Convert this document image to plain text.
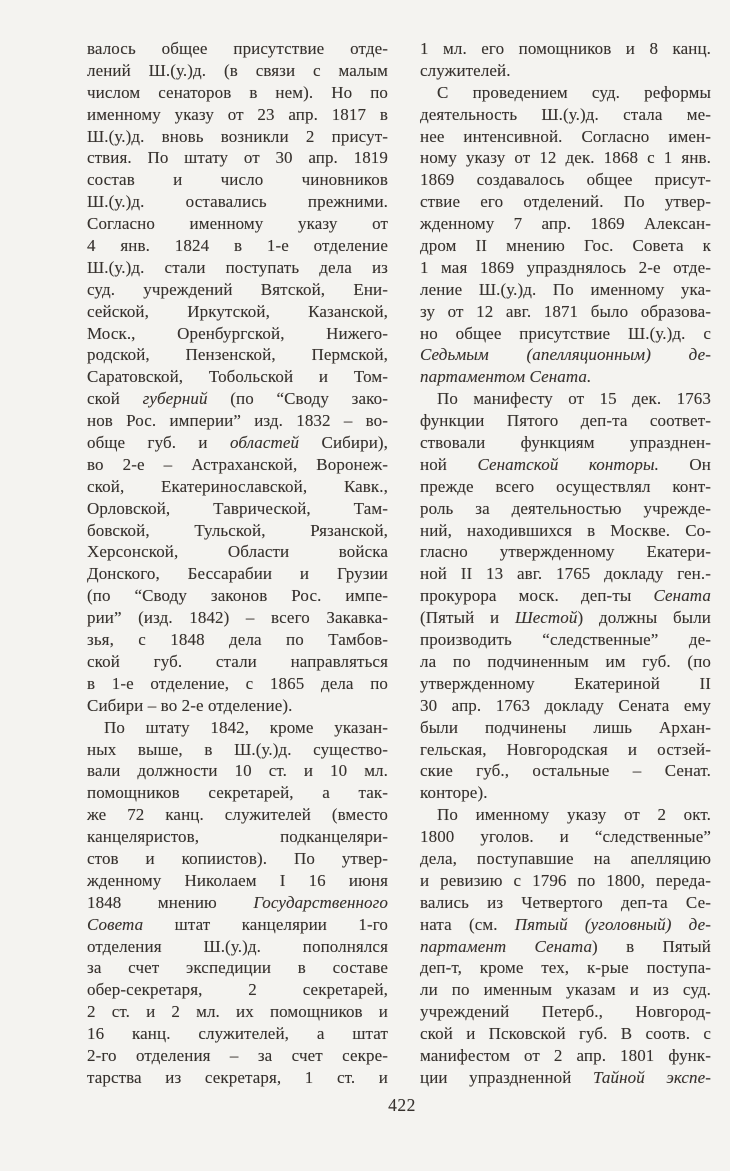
валось общее присутствие отде-
лений Ш.(у.)д. (в связи с малым
числом сенаторов в нем). Но по
именному указу от 23 апр. 1817 в
Ш.(у.)д. вновь возникли 2 присут-
ствия. По штату от 30 апр. 1819
состав и число чиновников
Ш.(у.)д. оставались прежними.
Согласно именному указу от
4 янв. 1824 в 1-е отделение
Ш.(у.)д. стали поступать дела из
суд. учреждений Вятской, Ени-
сейской, Иркутской, Казанской,
Моск., Оренбургской, Нижего-
родской, Пензенской, Пермской,
Саратовской, Тобольской и Том-
ской губерний (по “Своду зако-
нов Рос. империи” изд. 1832 – во-
обще губ. и областей Сибири),
во 2-е – Астраханской, Воронеж-
ской, Екатеринославской, Кавк.,
Орловской, Таврической, Там-
бовской, Тульской, Рязанской,
Херсонской, Области войска
Донского, Бессарабии и Грузии
(по “Своду законов Рос. импе-
рии” (изд. 1842) – всего Закавка-
зья, с 1848 дела по Тамбов-
ской губ. стали направляться
в 1-е отделение, с 1865 дела по
Сибири – во 2-е отделение).
По штату 1842, кроме указан-
ных выше, в Ш.(у.)д. существо-
вали должности 10 ст. и 10 мл.
помощников секретарей, а так-
же 72 канц. служителей (вместо
канцеляристов, подканцеляри-
стов и копиистов). По утвер-
жденному Николаем I 16 июня
1848 мнению Государственного
Совета штат канцелярии 1-го
отделения Ш.(у.)д. пополнялся
за счет экспедиции в составе
обер-секретаря, 2 секретарей,
2 ст. и 2 мл. их помощников и
16 канц. служителей, а штат
2-го отделения – за счет секре-
тарства из секретаря, 1 ст. и
1 мл. его помощников и 8 канц.
служителей.
С проведением суд. реформы
деятельность Ш.(у.)д. стала ме-
нее интенсивной. Согласно имен-
ному указу от 12 дек. 1868 с 1 янв.
1869 создавалось общее присут-
ствие его отделений. По утвер-
жденному 7 апр. 1869 Алексан-
дром II мнению Гос. Совета к
1 мая 1869 упразднялось 2-е отде-
ление Ш.(у.)д. По именному ука-
зу от 12 авг. 1871 было образова-
но общее присутствие Ш.(у.)д. с
Седьмым (апелляционным) де-
партаментом Сената.
По манифесту от 15 дек. 1763
функции Пятого деп-та соответ-
ствовали функциям упразднен-
ной Сенатской конторы. Он
прежде всего осуществлял конт-
роль за деятельностью учрежде-
ний, находившихся в Москве. Со-
гласно утвержденному Екатери-
ной II 13 авг. 1765 докладу ген.-
прокурора моск. деп-ты Сената
(Пятый и Шестой) должны были
производить “следственные” де-
ла по подчиненным им губ. (по
утвержденному Екатериной II
30 апр. 1763 докладу Сената ему
были подчинены лишь Архан-
гельская, Новгородская и остзей-
ские губ., остальные – Сенат.
конторе).
По именному указу от 2 окт.
1800 уголов. и “следственные”
дела, поступавшие на апелляцию
и ревизию с 1796 по 1800, переда-
вались из Четвертого деп-та Се-
ната (см. Пятый (уголовный) де-
партамент Сената) в Пятый
деп-т, кроме тех, к-рые поступа-
ли по именным указам и из суд.
учреждений Петерб., Новгород-
ской и Псковской губ. В соотв. с
манифестом от 2 апр. 1801 функ-
ции упраздненной Тайной экспе-
422
